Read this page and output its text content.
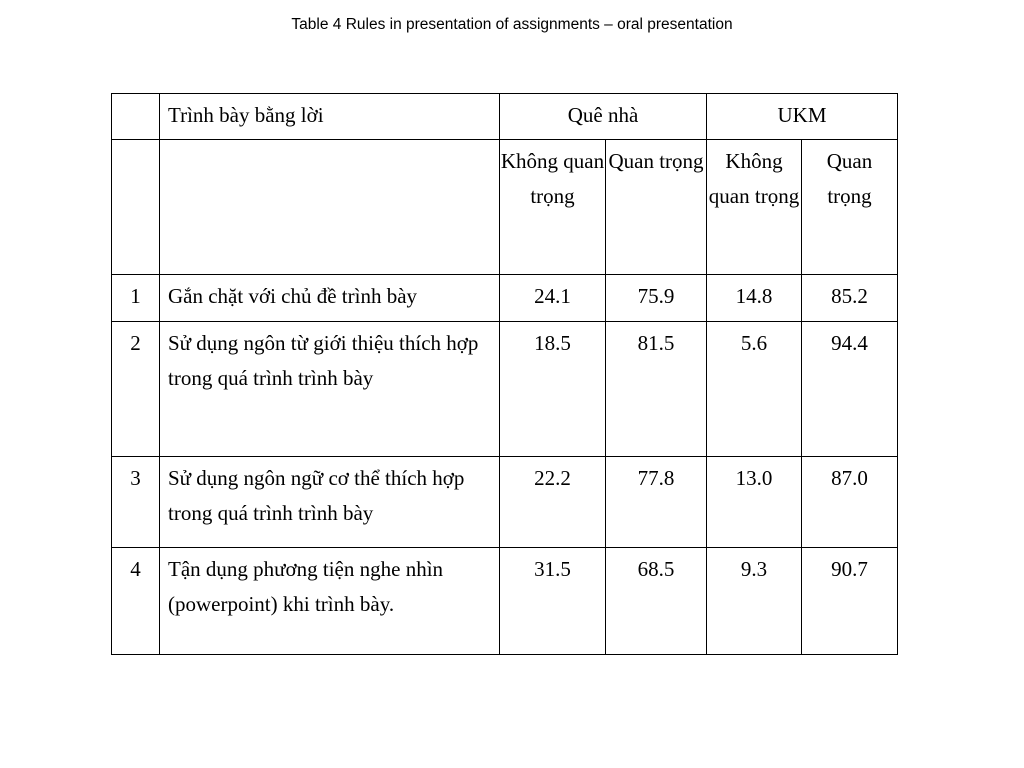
Table 4 Rules in presentation of assignments – oral presentation
	Trình bày bằng lời	Quê nhà		UKM	
		Không quan trọng	Quan trọng	Không quan trọng	Quan trọng
1	Gắn chặt với chủ đề trình bày	24.1	75.9	14.8	85.2
2	Sử dụng ngôn từ giới thiệu thích hợp trong quá trình trình bày	18.5	81.5	5.6	94.4
3	Sử dụng ngôn ngữ cơ thể thích hợp trong quá trình trình bày	22.2	77.8	13.0	87.0
4	Tận dụng phương tiện nghe nhìn (powerpoint) khi trình bày.	31.5	68.5	9.3	90.7
